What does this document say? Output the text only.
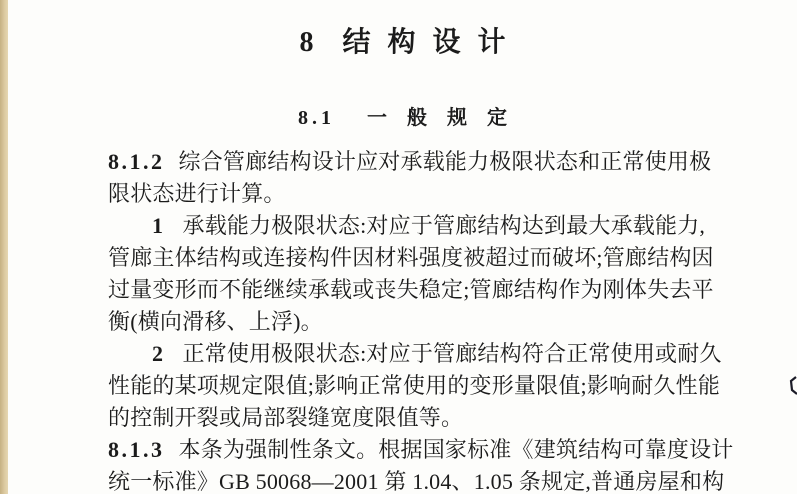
8  结 构 设 计
8.1  一 般 规 定
8.1.2 综合管廊结构设计应对承载能力极限状态和正常使用极
限状态进行计算。
1 承载能力极限状态:对应于管廊结构达到最大承载能力,
管廊主体结构或连接构件因材料强度被超过而破坏;管廊结构因
过量变形而不能继续承载或丧失稳定;管廊结构作为刚体失去平
衡(横向滑移、上浮)。
2 正常使用极限状态:对应于管廊结构符合正常使用或耐久
性能的某项规定限值;影响正常使用的变形量限值;影响耐久性能
的控制开裂或局部裂缝宽度限值等。
8.1.3 本条为强制性条文。根据国家标准《建筑结构可靠度设计
统一标准》GB 50068—2001 第 1.04、1.05 条规定,普通房屋和构
